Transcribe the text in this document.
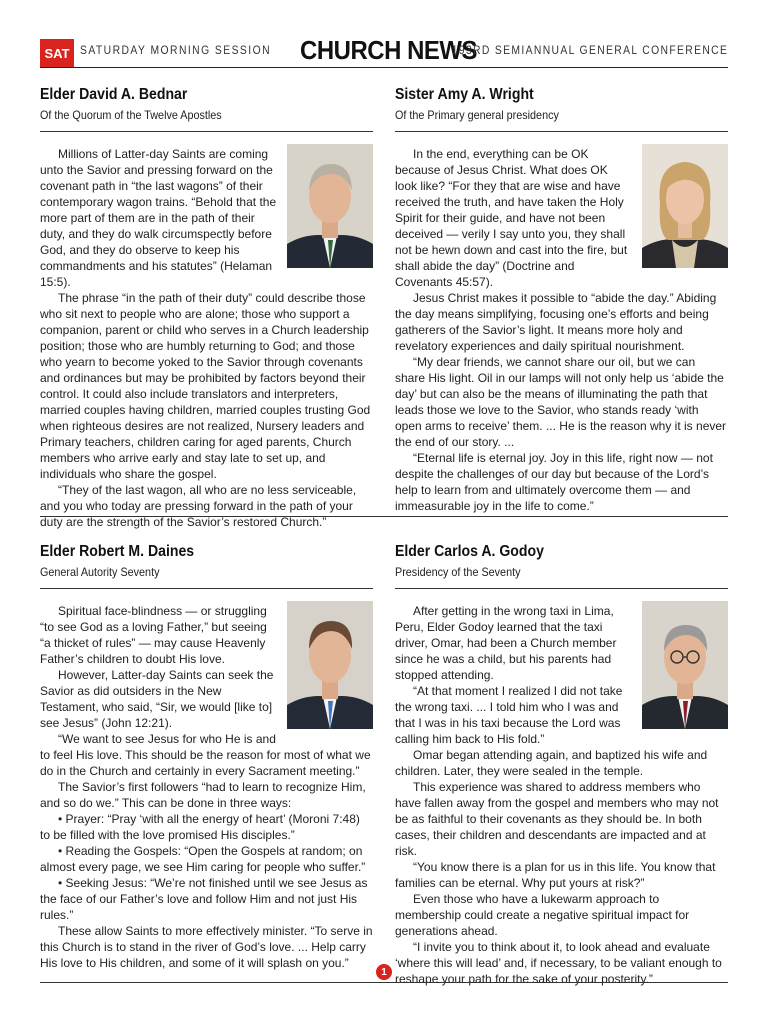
SAT SATURDAY MORNING SESSION CHURCH NEWS
193RD SEMIANNUAL GENERAL CONFERENCE
Elder David A. Bednar
Of the Quorum of the Twelve Apostles

Millions of Latter-day Saints are coming unto the Savior and pressing forward on the covenant path in “the last wagons” of their contemporary wagon trains. “Behold that the more part of them are in the path of their duty, and they do walk circumspectly before God, and they do observe to keep his commandments and his statutes” (Helaman 15:5).

The phrase “in the path of their duty” could describe those who sit next to people who are alone; those who support a companion, parent or child who serves in a Church leadership position; those who are humbly returning to God; and those who yearn to become yoked to the Savior through covenants and ordinances but may be prohibited by factors beyond their control. It could also include translators and interpreters, married couples having children, married couples trusting God when righteous desires are not realized, Nursery leaders and Primary teachers, children caring for aged parents, Church members who arrive early and stay late to set up, and individuals who share the gospel.

“They of the last wagon, all who are no less serviceable, and you who today are pressing forward in the path of your duty are the strength of the Savior’s restored Church.”

Sister Amy A. Wright
Of the Primary general presidency

In the end, everything can be OK because of Jesus Christ. What does OK look like? “For they that are wise and have received the truth, and have taken the Holy Spirit for their guide, and have not been deceived — verily I say unto you, they shall not be hewn down and cast into the fire, but shall abide the day” (Doctrine and Covenants 45:57).

Jesus Christ makes it possible to “abide the day.” Abiding the day means simplifying, focusing one’s efforts and being gatherers of the Savior’s light. It means more holy and revelatory experiences and daily spiritual nourishment.

“My dear friends, we cannot share our oil, but we can share His light. Oil in our lamps will not only help us ‘abide the day’ but can also be the means of illuminating the path that leads those we love to the Savior, who stands ready ‘with open arms to receive’ them. ... He is the reason why it is never the end of our story. ...

“Eternal life is eternal joy. Joy in this life, right now — not despite the challenges of our day but because of the Lord’s help to learn from and ultimately overcome them — and immeasurable joy in the life to come.”

Elder Robert M. Daines
General Autority Seventy

Spiritual face-blindness — or struggling “to see God as a loving Father,” but seeing “a thicket of rules” — may cause Heavenly Father’s children to doubt His love.

However, Latter-day Saints can seek the Savior as did outsiders in the New Testament, who said, “Sir, we would [like to] see Jesus” (John 12:21).

“We want to see Jesus for who He is and to feel His love. This should be the reason for most of what we do in the Church and certainly in every Sacrament meeting.”

The Savior’s first followers “had to learn to recognize Him, and so do we.” This can be done in three ways:

• Prayer: “Pray ‘with all the energy of heart’ (Moroni 7:48) to be filled with the love promised His disciples.”

• Reading the Gospels: “Open the Gospels at random; on almost every page, we see Him caring for people who suffer.”

• Seeking Jesus: “We’re not finished until we see Jesus as the face of our Father’s love and follow Him and not just His rules.”

These allow Saints to more effectively minister. “To serve in this Church is to stand in the river of God’s love. ... Help carry His love to His children, and some of it will splash on you.”

Elder Carlos A. Godoy
Presidency of the Seventy

After getting in the wrong taxi in Lima, Peru, Elder Godoy learned that the taxi driver, Omar, had been a Church member since he was a child, but his parents had stopped attending.

“At that moment I realized I did not take the wrong taxi. ... I told him who I was and that I was in his taxi because the Lord was calling him back to His fold.”

Omar began attending again, and baptized his wife and children. Later, they were sealed in the temple.

This experience was shared to address members who have fallen away from the gospel and members who may not be as faithful to their covenants as they should be. In both cases, their children and descendants are impacted and at risk.

“You know there is a plan for us in this life. You know that families can be eternal. Why put yours at risk?”

Even those who have a lukewarm approach to membership could create a negative spiritual impact for generations ahead.

“I invite you to think about it, to look ahead and evaluate ‘where this will lead’ and, if necessary, to be valiant enough to reshape your path for the sake of your posterity.”

1
